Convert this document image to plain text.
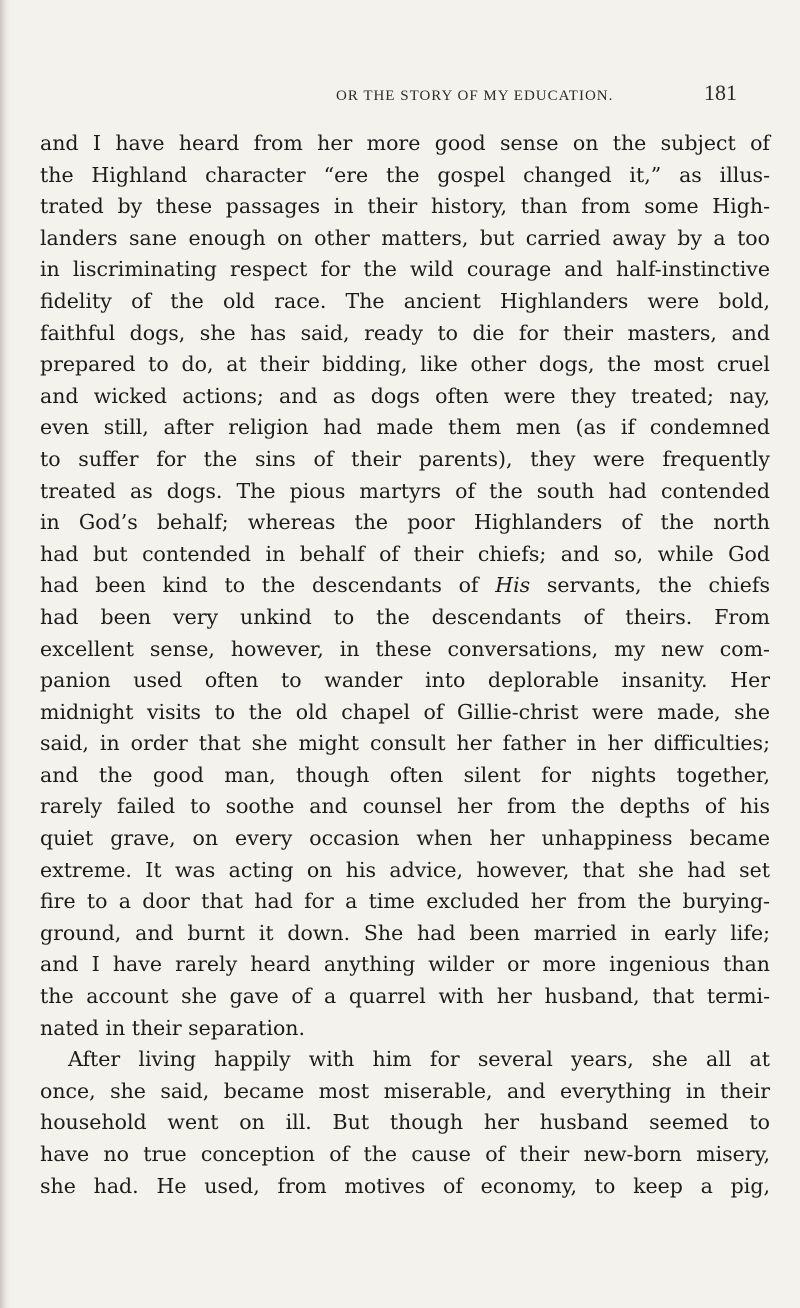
OR THE STORY OF MY EDUCATION.	181
and I have heard from her more good sense on the subject of
the Highland character “ere the gospel changed it,” as illus-
trated by these passages in their history, than from some High-
landers sane enough on other matters, but carried away by a too
in liscriminating respect for the wild courage and half-instinctive
fidelity of the old race. The ancient Highlanders were bold,
faithful dogs, she has said, ready to die for their masters, and
prepared to do, at their bidding, like other dogs, the most cruel
and wicked actions; and as dogs often were they treated; nay,
even still, after religion had made them men (as if condemned
to suffer for the sins of their parents), they were frequently
treated as dogs. The pious martyrs of the south had contended
in God’s behalf; whereas the poor Highlanders of the north
had but contended in behalf of their chiefs; and so, while God
had been kind to the descendants of His servants, the chiefs
had been very unkind to the descendants of theirs. From
excellent sense, however, in these conversations, my new com-
panion used often to wander into deplorable insanity. Her
midnight visits to the old chapel of Gillie-christ were made, she
said, in order that she might consult her father in her difficulties;
and the good man, though often silent for nights together,
rarely failed to soothe and counsel her from the depths of his
quiet grave, on every occasion when her unhappiness became
extreme. It was acting on his advice, however, that she had set
fire to a door that had for a time excluded her from the burying-
ground, and burnt it down. She had been married in early life;
and I have rarely heard anything wilder or more ingenious than
the account she gave of a quarrel with her husband, that termi-
nated in their separation.
After living happily with him for several years, she all at
once, she said, became most miserable, and everything in their
household went on ill. But though her husband seemed to
have no true conception of the cause of their new-born misery,
she had. He used, from motives of economy, to keep a pig,
